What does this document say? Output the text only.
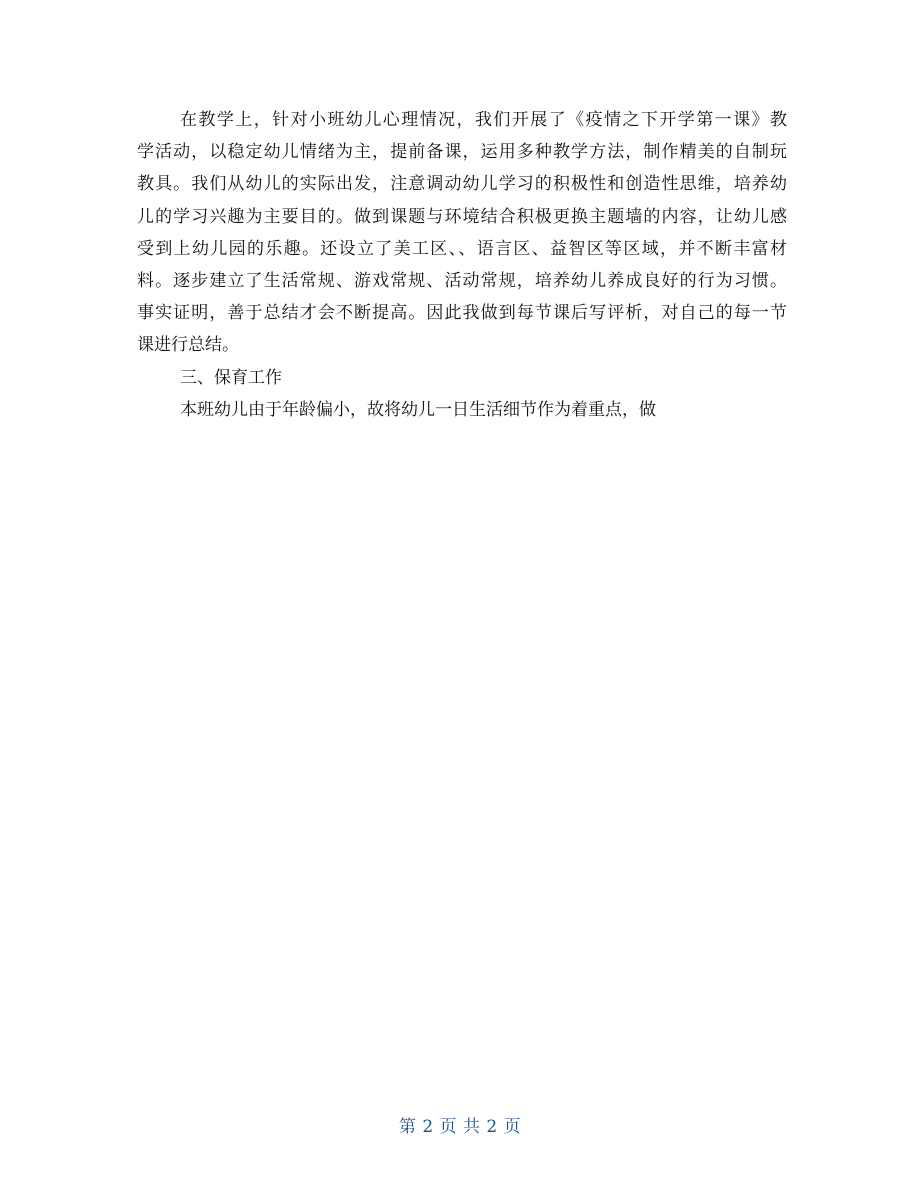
在教学上，针对小班幼儿心理情况，我们开展了《疫情之下开学第一课》教
学活动，以稳定幼儿情绪为主，提前备课，运用多种教学方法，制作精美的自制玩
教具。我们从幼儿的实际出发，注意调动幼儿学习的积极性和创造性思维，培养幼
儿的学习兴趣为主要目的。做到课题与环境结合积极更换主题墙的内容，让幼儿感
受到上幼儿园的乐趣。还设立了美工区、、语言区、益智区等区域，并不断丰富材
料。逐步建立了生活常规、游戏常规、活动常规，培养幼儿养成良好的行为习惯。
事实证明，善于总结才会不断提高。因此我做到每节课后写评析，对自己的每一节
课进行总结。
三、保育工作
本班幼儿由于年龄偏小，故将幼儿一日生活细节作为着重点，做
第 2 页 共 2 页
